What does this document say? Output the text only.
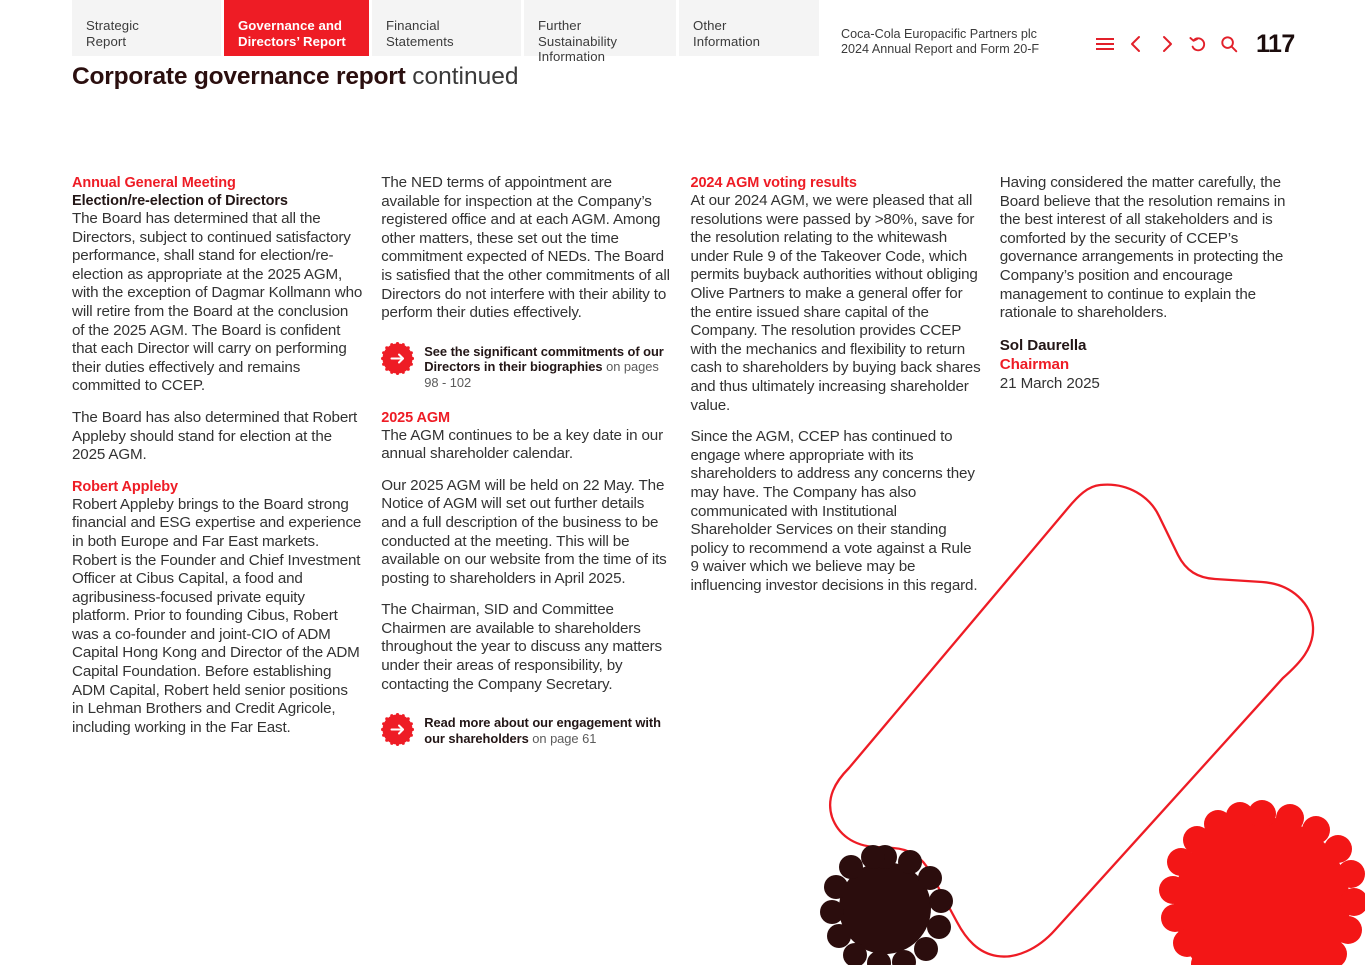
Strategic
Report
Governance and
Directors’ Report
Financial
Statements
Further Sustainability
Information
Other
Information	Coca-Cola Europacific Partners plc
2024 Annual Report and Form 20-F	117
Corporate governance report continued
Annual General Meeting
Election/re-election of Directors

The Board has determined that all the Directors, subject to continued satisfactory performance, shall stand for election/re-election as appropriate at the 2025 AGM, with the exception of Dagmar Kollmann who will retire from the Board at the conclusion of the 2025 AGM. The Board is confident that each Director will carry on performing their duties effectively and remains committed to CCEP.

The Board has also determined that Robert Appleby should stand for election at the 2025 AGM.

Robert Appleby

Robert Appleby brings to the Board strong financial and ESG expertise and experience in both Europe and Far East markets. Robert is the Founder and Chief Investment Officer at Cibus Capital, a food and agribusiness-focused private equity platform. Prior to founding Cibus, Robert was a co-founder and joint-CIO of ADM Capital Hong Kong and Director of the ADM Capital Foundation. Before establishing ADM Capital, Robert held senior positions in Lehman Brothers and Credit Agricole, including working in the Far East.

The NED terms of appointment are available for inspection at the Company’s registered office and at each AGM. Among other matters, these set out the time commitment expected of NEDs. The Board is satisfied that the other commitments of all Directors do not interfere with their ability to perform their duties effectively.

See the significant commitments of our Directors in their biographies on pages 98 - 102
2025 AGM

The AGM continues to be a key date in our annual shareholder calendar.

Our 2025 AGM will be held on 22 May. The Notice of AGM will set out further details and a full description of the business to be conducted at the meeting. This will be available on our website from the time of its posting to shareholders in April 2025.

The Chairman, SID and Committee Chairmen are available to shareholders throughout the year to discuss any matters under their areas of responsibility, by contacting the Company Secretary.

Read more about our engagement with our shareholders on page 61
2024 AGM voting results

At our 2024 AGM, we were pleased that all resolutions were passed by >80%, save for the resolution relating to the whitewash under Rule 9 of the Takeover Code, which permits buyback authorities without obliging Olive Partners to make a general offer for the entire issued share capital of the Company. The resolution provides CCEP with the mechanics and flexibility to return cash to shareholders by buying back shares and thus ultimately increasing shareholder value.

Since the AGM, CCEP has continued to engage where appropriate with its shareholders to address any concerns they may have. The Company has also communicated with Institutional Shareholder Services on their standing policy to recommend a vote against a Rule 9 waiver which we believe may be influencing investor decisions in this regard.

Having considered the matter carefully, the Board believe that the resolution remains in the best interest of all stakeholders and is comforted by the security of CCEP’s governance arrangements in protecting the Company’s position and encourage management to continue to explain the rationale to shareholders.

Sol Daurella
Chairman
21 March 2025
